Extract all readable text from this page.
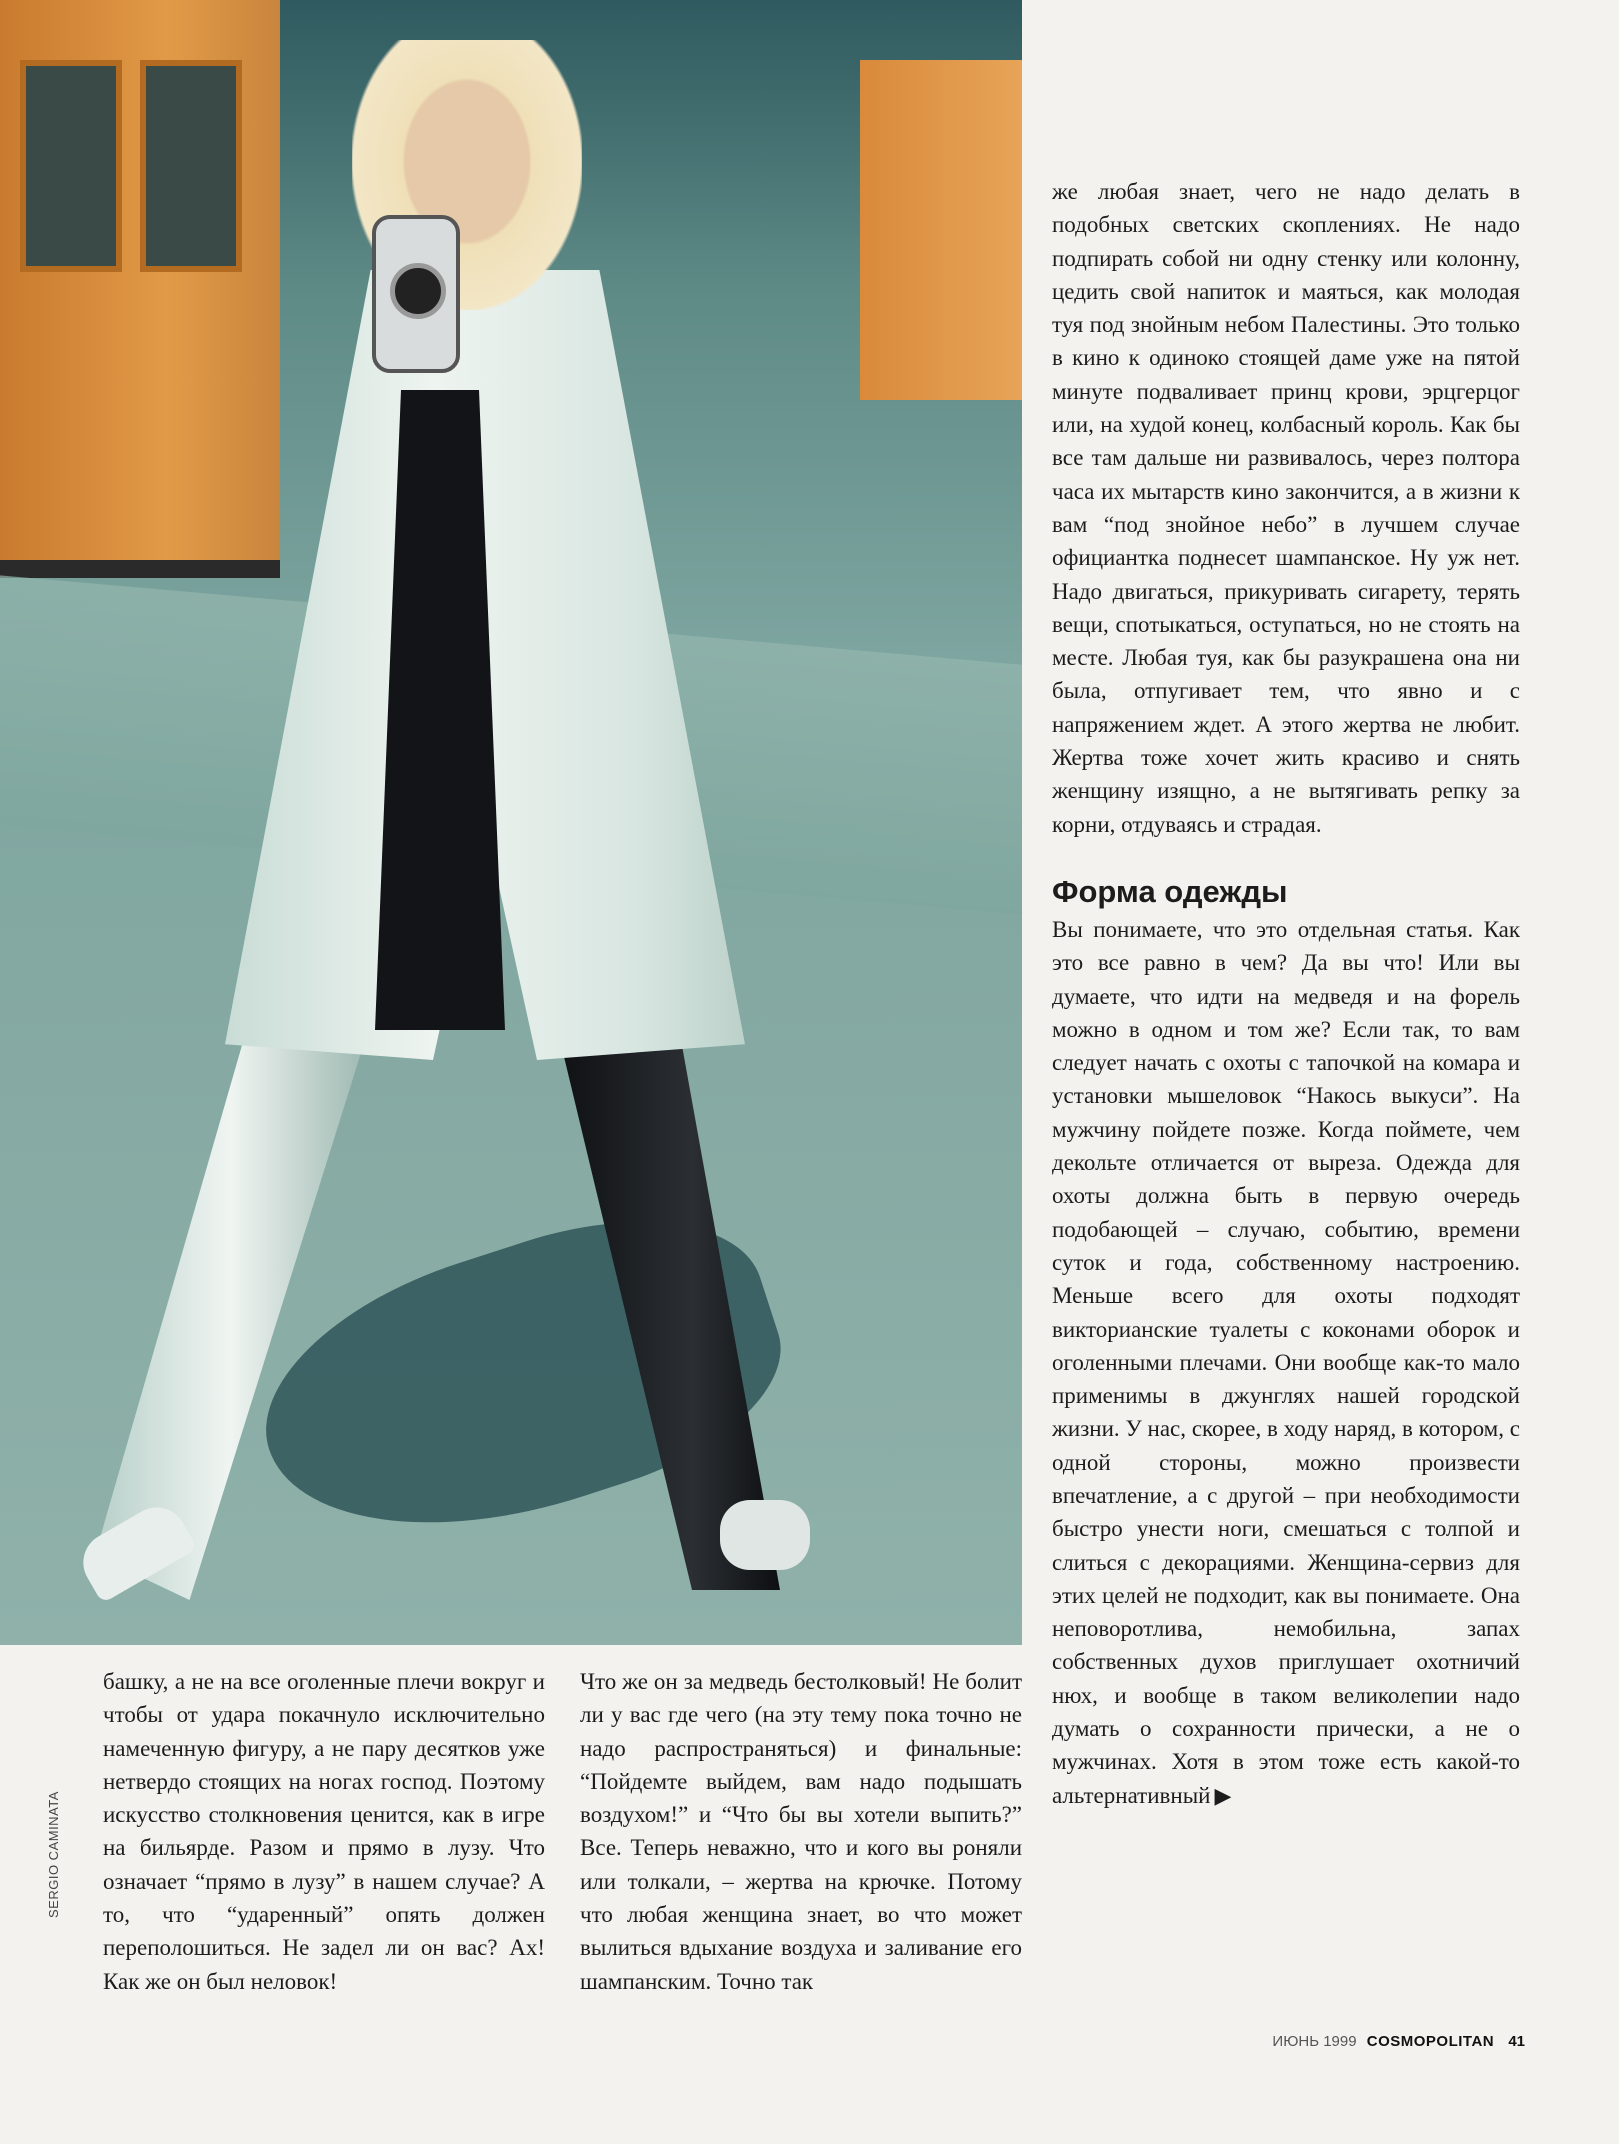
SERGIO CAMINATA

же любая знает, чего не надо делать в подобных светских скоплениях. Не надо подпирать собой ни одну стенку или колонну, цедить свой напиток и маяться, как молодая туя под знойным небом Палестины. Это только в кино к одиноко стоящей даме уже на пятой минуте подваливает принц крови, эрцгерцог или, на худой конец, колбасный король. Как бы все там дальше ни развивалось, через полтора часа их мытарств кино закончится, а в жизни к вам “под знойное небо” в лучшем случае официантка поднесет шампанское. Ну уж нет. Надо двигаться, прикуривать сигарету, терять вещи, спотыкаться, оступаться, но не стоять на месте. Любая туя, как бы разукрашена она ни была, отпугивает тем, что явно и с напряжением ждет. А этого жертва не любит. Жертва тоже хочет жить красиво и снять женщину изящно, а не вытягивать репку за корни, отдуваясь и страдая.

Форма одежды

Вы понимаете, что это отдельная статья. Как это все равно в чем? Да вы что! Или вы думаете, что идти на медведя и на форель можно в одном и том же? Если так, то вам следует начать с охоты с тапочкой на комара и установки мышеловок “Накось выкуси”. На мужчину пойдете позже. Когда поймете, чем декольте отличается от выреза. Одежда для охоты должна быть в первую очередь подобающей – случаю, событию, времени суток и года, собственному настроению. Меньше всего для охоты подходят викторианские туалеты с коконами оборок и оголенными плечами. Они вообще как-то мало применимы в джунглях нашей городской жизни. У нас, скорее, в ходу наряд, в котором, с одной стороны, можно произвести впечатление, а с другой – при необходимости быстро унести ноги, смешаться с толпой и слиться с декорациями. Женщина-сервиз для этих целей не подходит, как вы понимаете. Она неповоротлива, немобильна, запах собственных духов приглушает охотничий нюх, и вообще в таком великолепии надо думать о сохранности прически, а не о мужчинах. Хотя в этом тоже есть какой-то альтернативный ▶

башку, а не на все оголенные плечи вокруг и чтобы от удара покачнуло исключительно намеченную фигуру, а не пару десятков уже нетвердо стоящих на ногах господ. Поэтому искусство столкновения ценится, как в игре на бильярде. Разом и прямо в лузу. Что означает “прямо в лузу” в нашем случае? А то, что “ударенный” опять должен переполошиться. Не задел ли он вас? Ах! Как же он был неловок!

Что же он за медведь бестолковый! Не болит ли у вас где чего (на эту тему пока точно не надо распространяться) и финальные: “Пойдемте выйдем, вам надо подышать воздухом!” и “Что бы вы хотели выпить?” Все. Теперь неважно, что и кого вы роняли или толкали, – жертва на крючке. Потому что любая женщина знает, во что может вылиться вдыхание воздуха и заливание его шампанским. Точно так

ИЮНЬ 1999 COSMOPOLITAN 41
